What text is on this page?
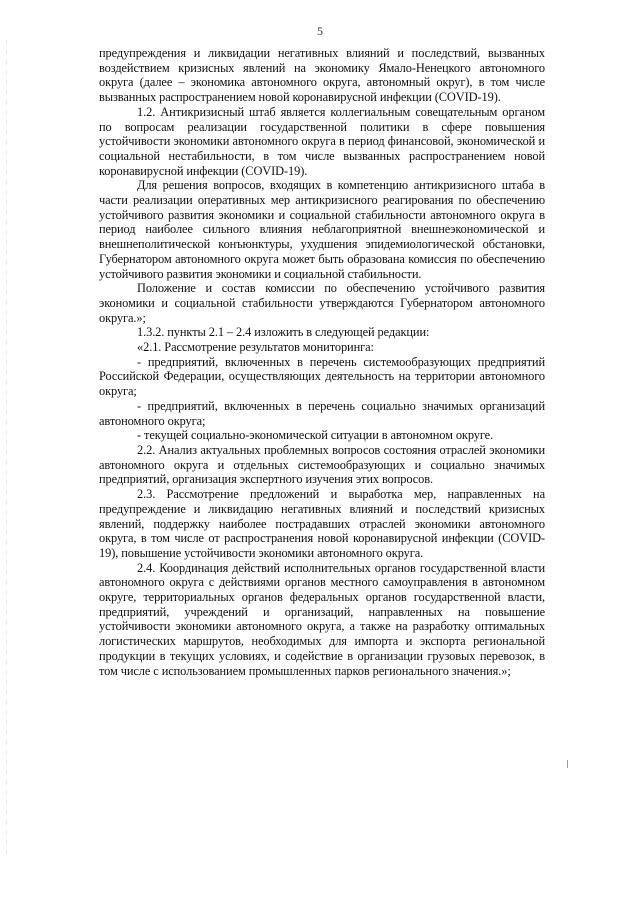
5

предупреждения и ликвидации негативных влияний и последствий, вызванных воздействием кризисных явлений на экономику Ямало-Ненецкого автономного округа (далее – экономика автономного округа, автономный округ), в том числе вызванных распространением новой коронавирусной инфекции (COVID-19).

1.2. Антикризисный штаб является коллегиальным совещательным органом по вопросам реализации государственной политики в сфере повышения устойчивости экономики автономного округа в период финансовой, экономической и социальной нестабильности, в том числе вызванных распространением новой коронавирусной инфекции (COVID-19).

Для решения вопросов, входящих в компетенцию антикризисного штаба в части реализации оперативных мер антикризисного реагирования по обеспечению устойчивого развития экономики и социальной стабильности автономного округа в период наиболее сильного влияния неблагоприятной внешнеэкономической и внешнеполитической конъюнктуры, ухудшения эпидемиологической обстановки, Губернатором автономного округа может быть образована комиссия по обеспечению устойчивого развития экономики и социальной стабильности.

Положение и состав комиссии по обеспечению устойчивого развития экономики и социальной стабильности утверждаются Губернатором автономного округа.»;

1.3.2. пункты 2.1 – 2.4 изложить в следующей редакции:

«2.1. Рассмотрение результатов мониторинга:

- предприятий, включенных в перечень системообразующих предприятий Российской Федерации, осуществляющих деятельность на территории автономного округа;

- предприятий, включенных в перечень социально значимых организаций автономного округа;

- текущей социально-экономической ситуации в автономном округе.

2.2. Анализ актуальных проблемных вопросов состояния отраслей экономики автономного округа и отдельных системообразующих и социально значимых предприятий, организация экспертного изучения этих вопросов.

2.3. Рассмотрение предложений и выработка мер, направленных на предупреждение и ликвидацию негативных влияний и последствий кризисных явлений, поддержку наиболее пострадавших отраслей экономики автономного округа, в том числе от распространения новой коронавирусной инфекции (COVID-19), повышение устойчивости экономики автономного округа.

2.4. Координация действий исполнительных органов государственной власти автономного округа с действиями органов местного самоуправления в автономном округе, территориальных органов федеральных органов государственной власти, предприятий, учреждений и организаций, направленных на повышение устойчивости экономики автономного округа, а также на разработку оптимальных логистических маршрутов, необходимых для импорта и экспорта региональной продукции в текущих условиях, и содействие в организации грузовых перевозок, в том числе с использованием промышленных парков регионального значения.»;
